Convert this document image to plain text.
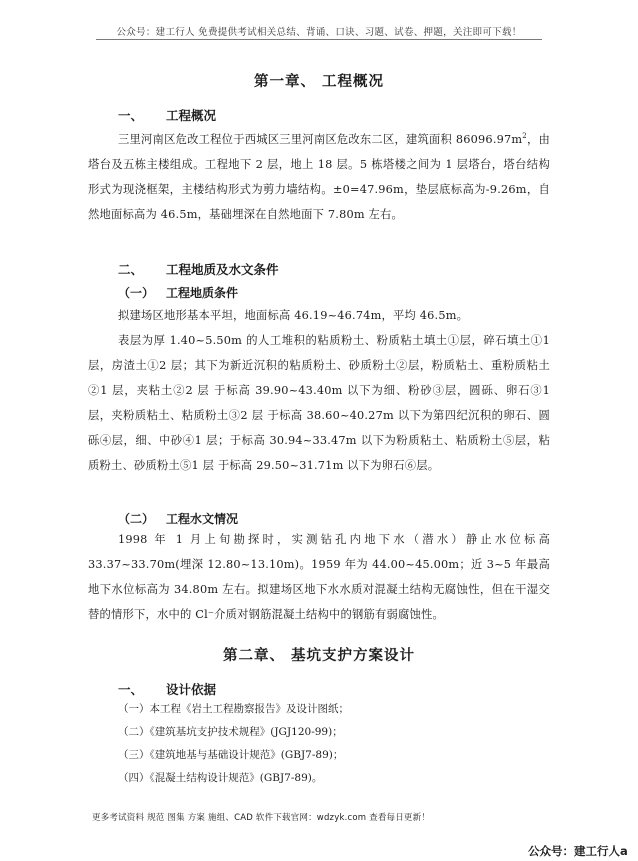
公众号：建工行人 免费提供考试相关总结、背诵、口诀、习题、试卷、押题，关注即可下载！
第一章、 工程概况
一、 工程概况
三里河南区危改工程位于西城区三里河南区危改东二区，建筑面积 $86096.97m^2$，由塔台及五栋主楼组成。工程地下 2 层，地上 18 层。5 栋塔楼之间为 1 层塔台，塔台结构形式为现浇框架，主楼结构形式为剪力墙结构。±0=47.96m，垫层底标高为-9.26m，自然地面标高为 46.5m，基础埋深在自然地面下 7.80m 左右。
二、 工程地质及水文条件
（一） 工程地质条件
拟建场区地形基本平坦，地面标高 46.19~46.74m，平均 46.5m。
表层为厚 1.40~5.50m 的人工堆积的粘质粉土、粉质粘土填土①层，碎石填土①1 层，房渣土①2 层；其下为新近沉积的粘质粉土、砂质粉土②层，粉质粘土、重粉质粘土②1 层，夹粘土②2 层 于标高 39.90~43.40m 以下为细、粉砂③层，圆砾、卵石③1 层，夹粉质粘土、粘质粉土③2 层 于标高 38.60~40.27m 以下为第四纪沉积的卵石、圆砾④层，细、中砂④1 层；于标高 30.94~33.47m 以下为粉质粘土、粘质粉土⑤层，粘质粉土、砂质粉土⑤1 层 于标高 29.50~31.71m 以下为卵石⑥层。
（二） 工程水文情况
1998 年 1 月上旬勘探时，实测钻孔内地下水（潜水）静止水位标高 33.37~33.70m(埋深 12.80~13.10m)。1959 年为 44.00~45.00m；近 3~5 年最高地下水位标高为 34.80m 左右。拟建场区地下水水质对混凝土结构无腐蚀性，但在干湿交替的情形下，水中的 Cl⁻介质对钢筋混凝土结构中的钢筋有弱腐蚀性。
第二章、 基坑支护方案设计
一、 设计依据
（一）本工程《岩土工程勘察报告》及设计图纸；
（二）《建筑基坑支护技术规程》(JGJ120-99)；
（三）《建筑地基与基础设计规范》(GBJ7-89)；
（四）《混凝土结构设计规范》(GBJ7-89)。
更多考试资料 规范 图集 方案 施组、CAD 软件下载官网：wdzyk.com 查看每日更新！
公众号：建工行人a
